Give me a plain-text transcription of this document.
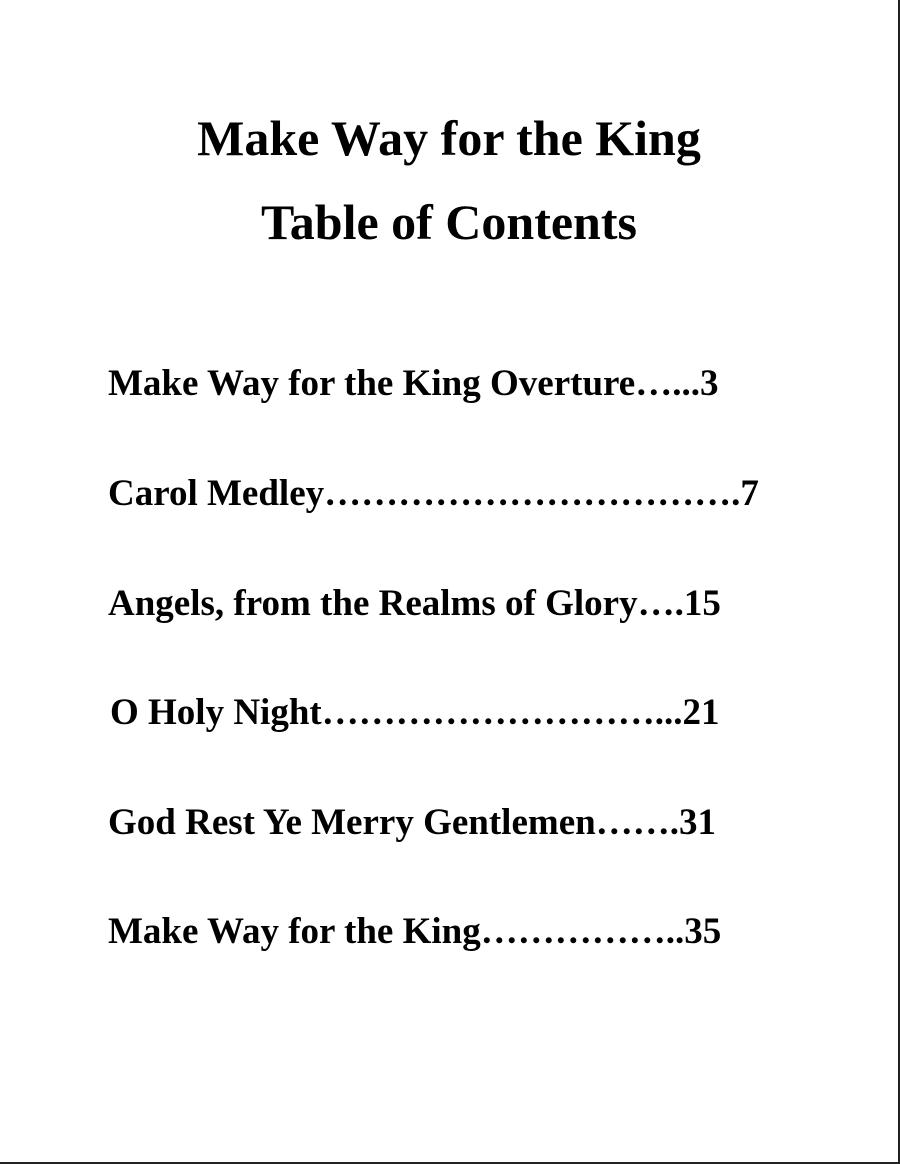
Make Way for the King
Table of Contents
Make Way for the King Overture…...3
Carol Medley…………………………….7
Angels, from the Realms of Glory….15
O Holy Night………………………...21
God Rest Ye Merry Gentlemen…….31
Make Way for the King……………..35
